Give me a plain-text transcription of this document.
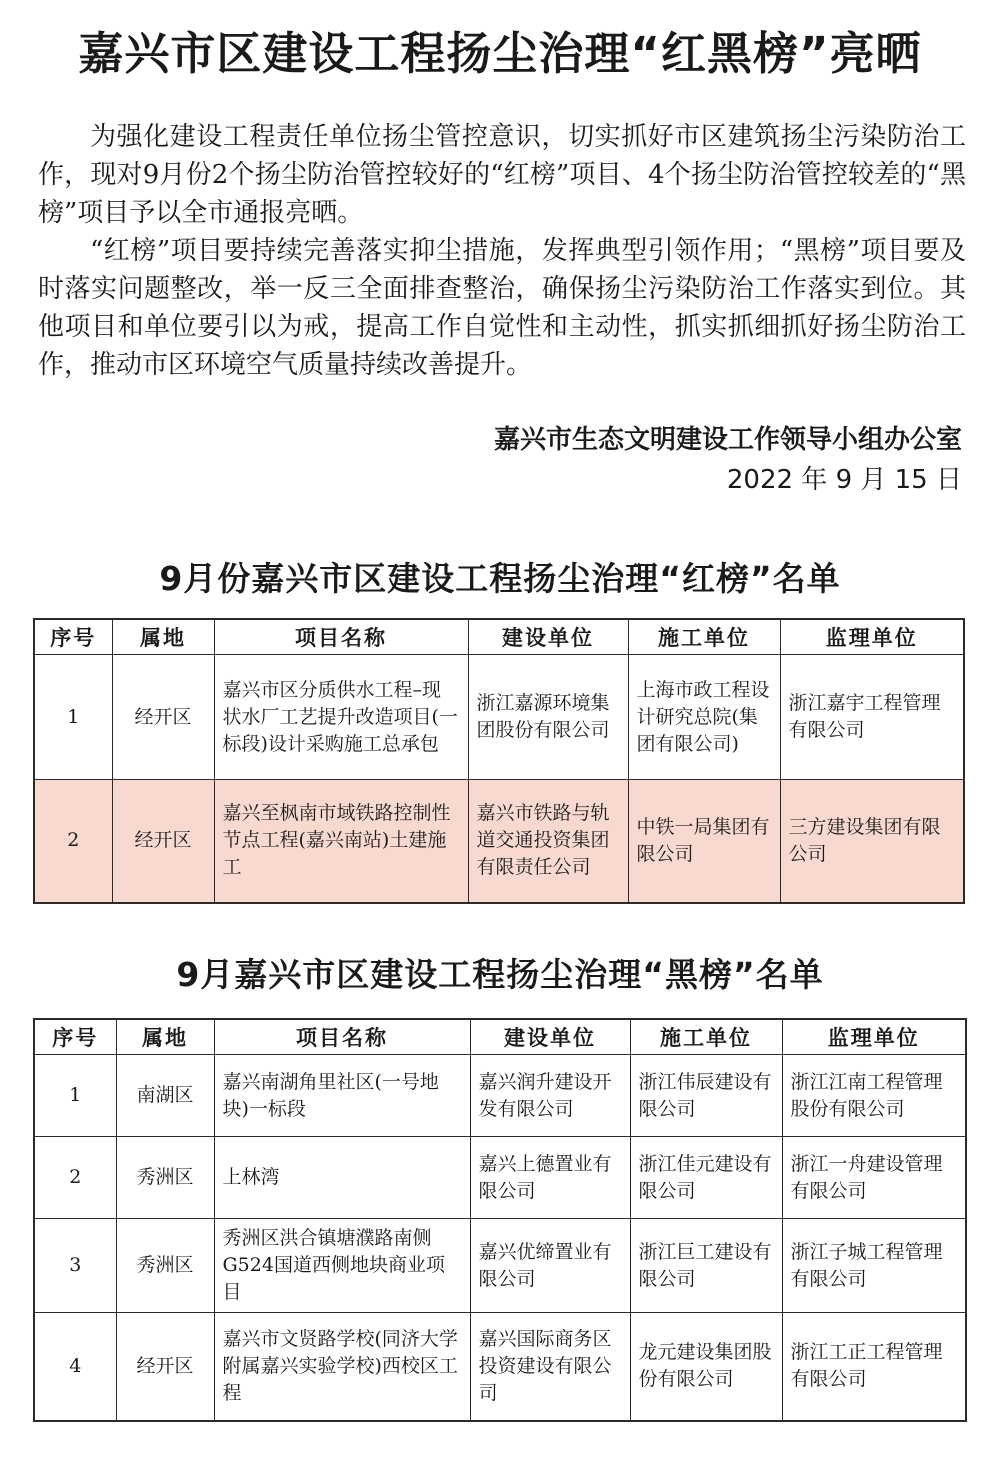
嘉兴市区建设工程扬尘治理“红黑榜”亮晒

为强化建设工程责任单位扬尘管控意识，切实抓好市区建筑扬尘污染防治工作，现对9月份2个扬尘防治管控较好的“红榜”项目、4个扬尘防治管控较差的“黑榜”项目予以全市通报亮晒。

“红榜”项目要持续完善落实抑尘措施，发挥典型引领作用；“黑榜”项目要及时落实问题整改，举一反三全面排查整治，确保扬尘污染防治工作落实到位。其他项目和单位要引以为戒，提高工作自觉性和主动性，抓实抓细抓好扬尘防治工作，推动市区环境空气质量持续改善提升。

嘉兴市生态文明建设工作领导小组办公室
2022 年 9 月 15 日
9月份嘉兴市区建设工程扬尘治理“红榜”名单
序号	属地	项目名称	建设单位	施工单位	监理单位
1	经开区	嘉兴市区分质供水工程–现状水厂工艺提升改造项目(一标段)设计采购施工总承包	浙江嘉源环境集团股份有限公司	上海市政工程设计研究总院(集团有限公司)	浙江嘉宇工程管理有限公司
2	经开区	嘉兴至枫南市域铁路控制性节点工程(嘉兴南站)土建施工	嘉兴市铁路与轨道交通投资集团有限责任公司	中铁一局集团有限公司	三方建设集团有限公司
9月嘉兴市区建设工程扬尘治理“黑榜”名单
序号	属地	项目名称	建设单位	施工单位	监理单位
1	南湖区	嘉兴南湖角里社区(一号地块)一标段	嘉兴润升建设开发有限公司	浙江伟辰建设有限公司	浙江江南工程管理股份有限公司
2	秀洲区	上林湾	嘉兴上德置业有限公司	浙江佳元建设有限公司	浙江一舟建设管理有限公司
3	秀洲区	秀洲区洪合镇塘濮路南侧G524国道西侧地块商业项目	嘉兴优缔置业有限公司	浙江巨工建设有限公司	浙江子城工程管理有限公司
4	经开区	嘉兴市文贤路学校(同济大学附属嘉兴实验学校)西校区工程	嘉兴国际商务区投资建设有限公司	龙元建设集团股份有限公司	浙江工正工程管理有限公司
